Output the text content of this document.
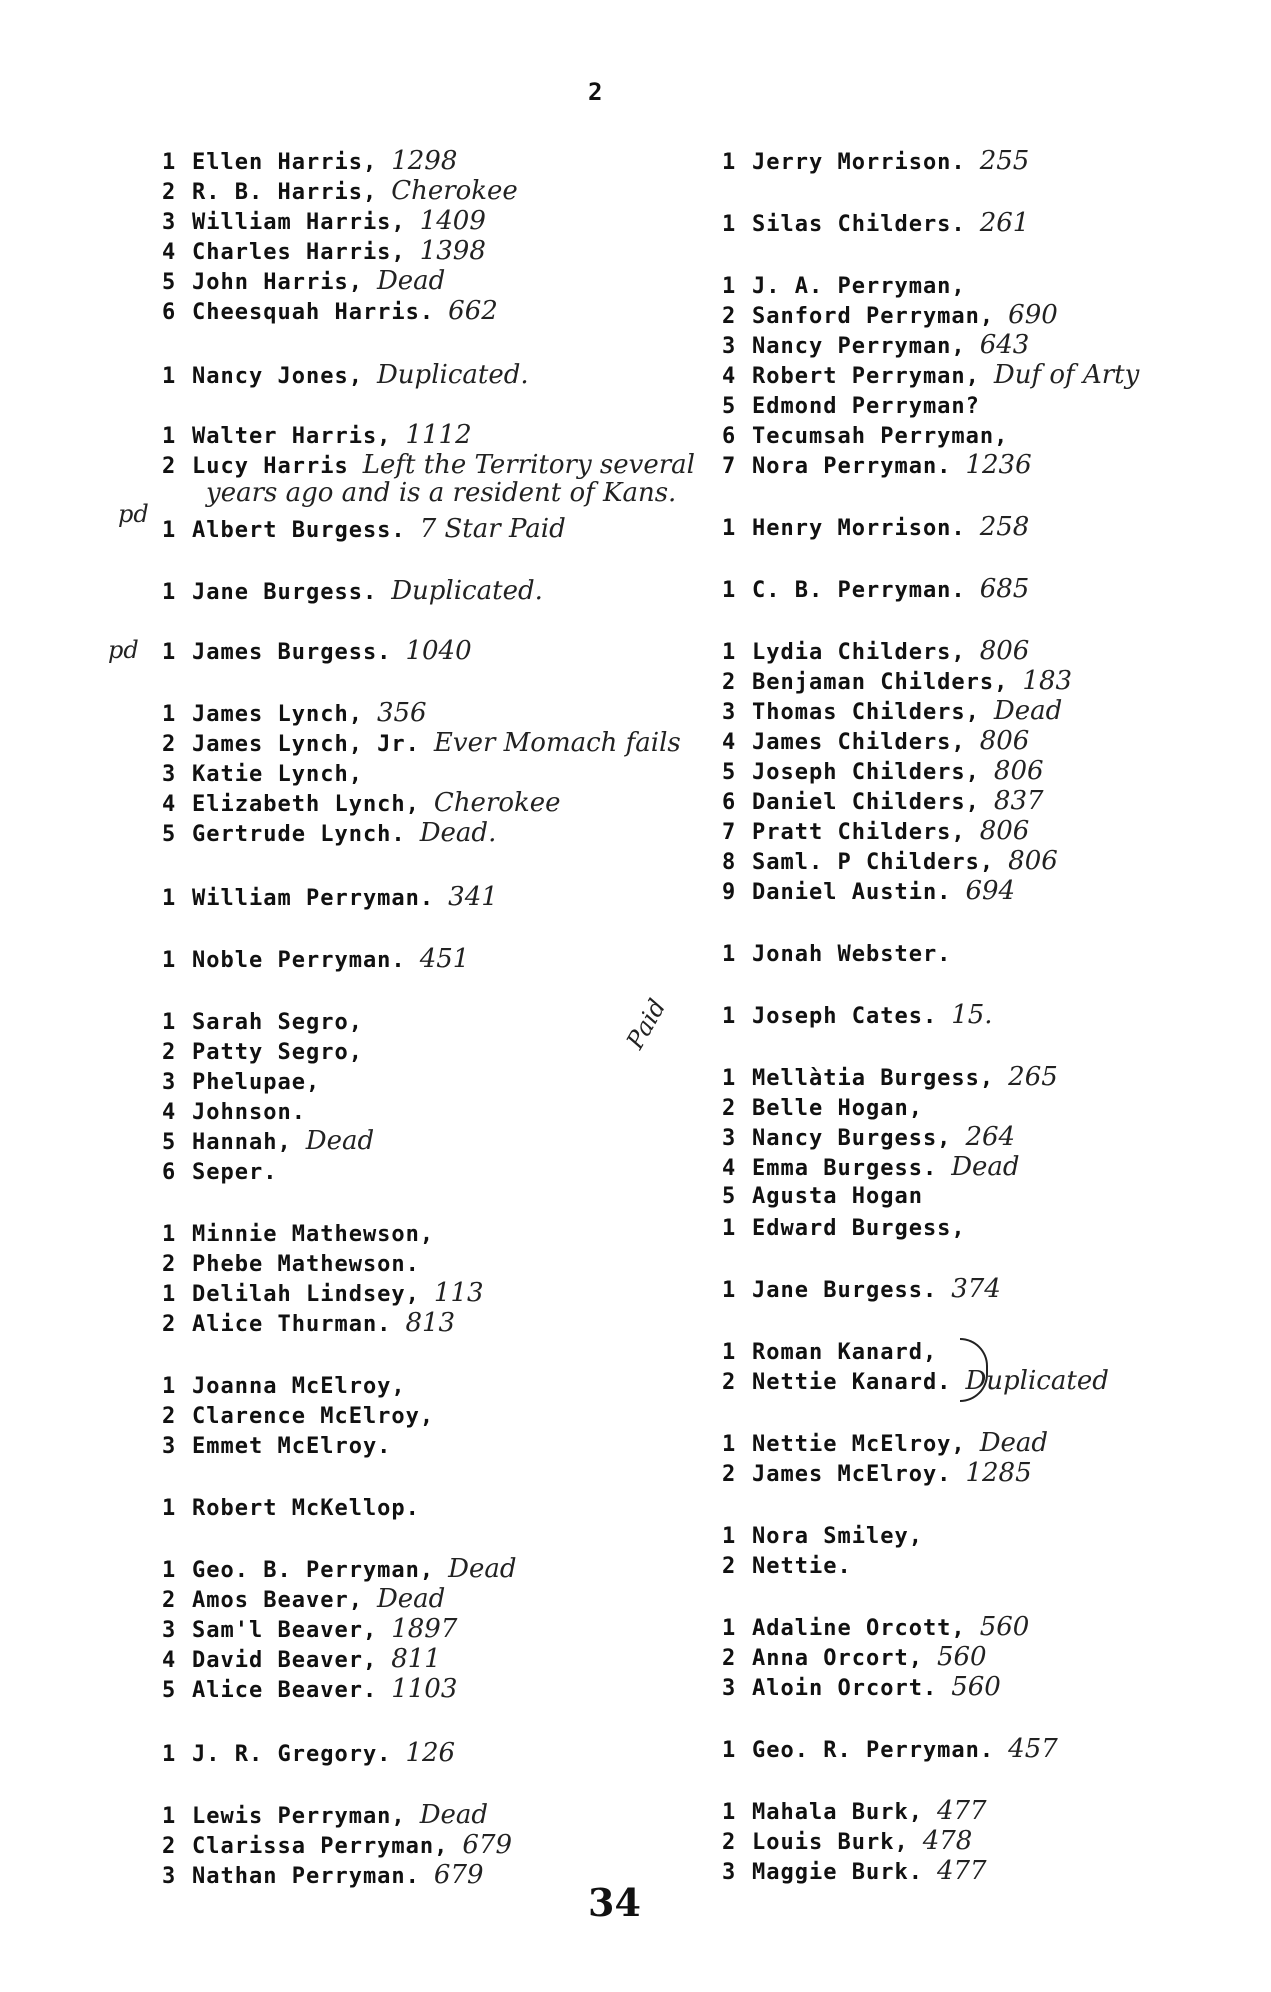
2
1 Ellen Harris, 1298
2 R. B. Harris, Cherokee
3 William Harris, 1409
4 Charles Harris, 1398
5 John Harris, Dead
6 Cheesquah Harris. 662
1 Nancy Jones, Duplicated.
1 Walter Harris, 1112
2 Lucy Harris Left the Territory several
years ago and is a resident of Kans.
1 Albert Burgess. 7 Star Paid
1 Jane Burgess. Duplicated.
1 James Burgess. 1040
1 James Lynch, 356
2 James Lynch, Jr. Ever Momach fails
3 Katie Lynch,
4 Elizabeth Lynch, Cherokee
5 Gertrude Lynch. Dead.
1 William Perryman. 341
1 Noble Perryman. 451
1 Sarah Segro,
2 Patty Segro,
3 Phelupae,
4 Johnson.
5 Hannah, Dead
6 Seper.
1 Minnie Mathewson,
2 Phebe Mathewson.
1 Delilah Lindsey, 113
2 Alice Thurman. 813
1 Joanna McElroy,
2 Clarence McElroy,
3 Emmet McElroy.
1 Robert McKellop.
1 Geo. B. Perryman, Dead
2 Amos Beaver, Dead
3 Sam'l Beaver, 1897
4 David Beaver, 811
5 Alice Beaver. 1103
1 J. R. Gregory. 126
1 Lewis Perryman, Dead
2 Clarissa Perryman, 679
3 Nathan Perryman. 679
1 Jerry Morrison. 255
1 Silas Childers. 261
1 J. A. Perryman,
2 Sanford Perryman, 690
3 Nancy Perryman, 643
4 Robert Perryman, Duf of Arty
5 Edmond Perryman?
6 Tecumsah Perryman,
7 Nora Perryman. 1236
1 Henry Morrison. 258
1 C. B. Perryman. 685
1 Lydia Childers, 806
2 Benjaman Childers, 183
3 Thomas Childers, Dead
4 James Childers, 806
5 Joseph Childers, 806
6 Daniel Childers, 837
7 Pratt Childers, 806
8 Saml. P Childers, 806
9 Daniel Austin. 694
1 Jonah Webster.
1 Joseph Cates. 15.
1 Mellàtia Burgess, 265
2 Belle Hogan,
3 Nancy Burgess, 264
4 Emma Burgess. Dead
5 Agusta Hogan
1 Edward Burgess,
1 Jane Burgess. 374
1 Roman Kanard,
2 Nettie Kanard. Duplicated
1 Nettie McElroy, Dead
2 James McElroy. 1285
1 Nora Smiley,
2 Nettie.
1 Adaline Orcott, 560
2 Anna Orcort, 560
3 Aloin Orcort. 560
1 Geo. R. Perryman. 457
1 Mahala Burk, 477
2 Louis Burk, 478
3 Maggie Burk. 477
pd
pd
Paid
34
